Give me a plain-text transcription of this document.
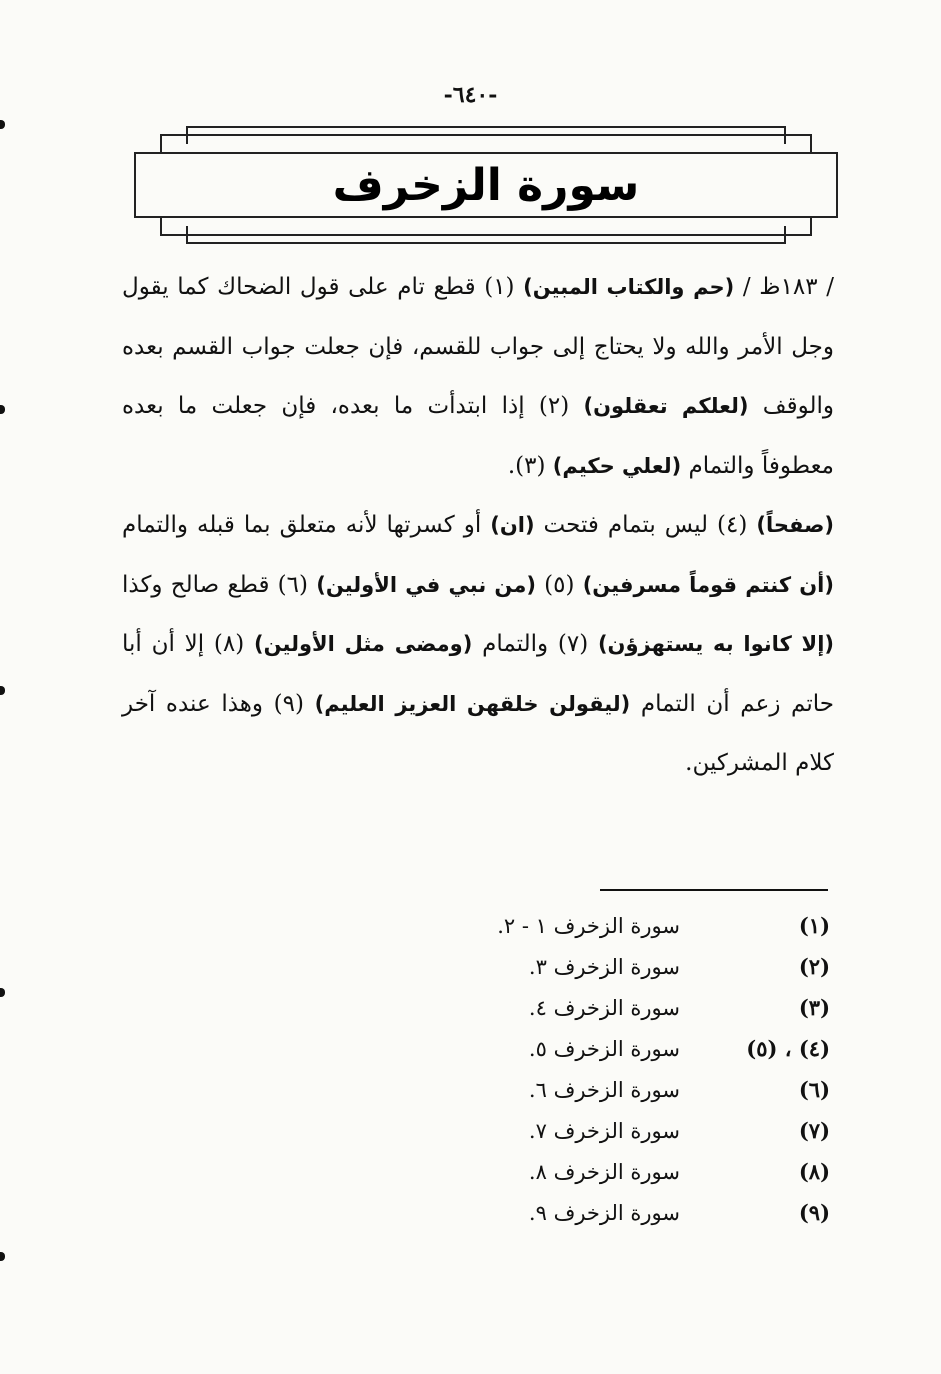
-٦٤٠-
سورة الزخرف

/ ١٨٣ظ / (حم والكتاب المبين) (١) قطع تام على قول الضحاك كما يقول وجل الأمر والله ولا يحتاج إلى جواب للقسم، فإن جعلت جواب القسم بعده والوقف (لعلكم تعقلون) (٢) إذا ابتدأت ما بعده، فإن جعلت ما بعده معطوفاً والتمام (لعلي حكيم) (٣).

(صفحاً) (٤) ليس بتمام فتحت (ان) أو كسرتها لأنه متعلق بما قبله والتمام (أن كنتم قوماً مسرفين) (٥) (من نبي في الأولين) (٦) قطع صالح وكذا (إلا كانوا به يستهزؤن) (٧) والتمام (ومضى مثل الأولين) (٨) إلا أن أبا حاتم زعم أن التمام (ليقولن خلقهن العزيز العليم) (٩) وهذا عنده آخر كلام المشركين.

(١)
سورة الزخرف ١ - ٢.
(٢)
سورة الزخرف ٣.
(٣)
سورة الزخرف ٤.
(٤) ، (٥)
سورة الزخرف ٥.
(٦)
سورة الزخرف ٦.
(٧)
سورة الزخرف ٧.
(٨)
سورة الزخرف ٨.
(٩)
سورة الزخرف ٩.
